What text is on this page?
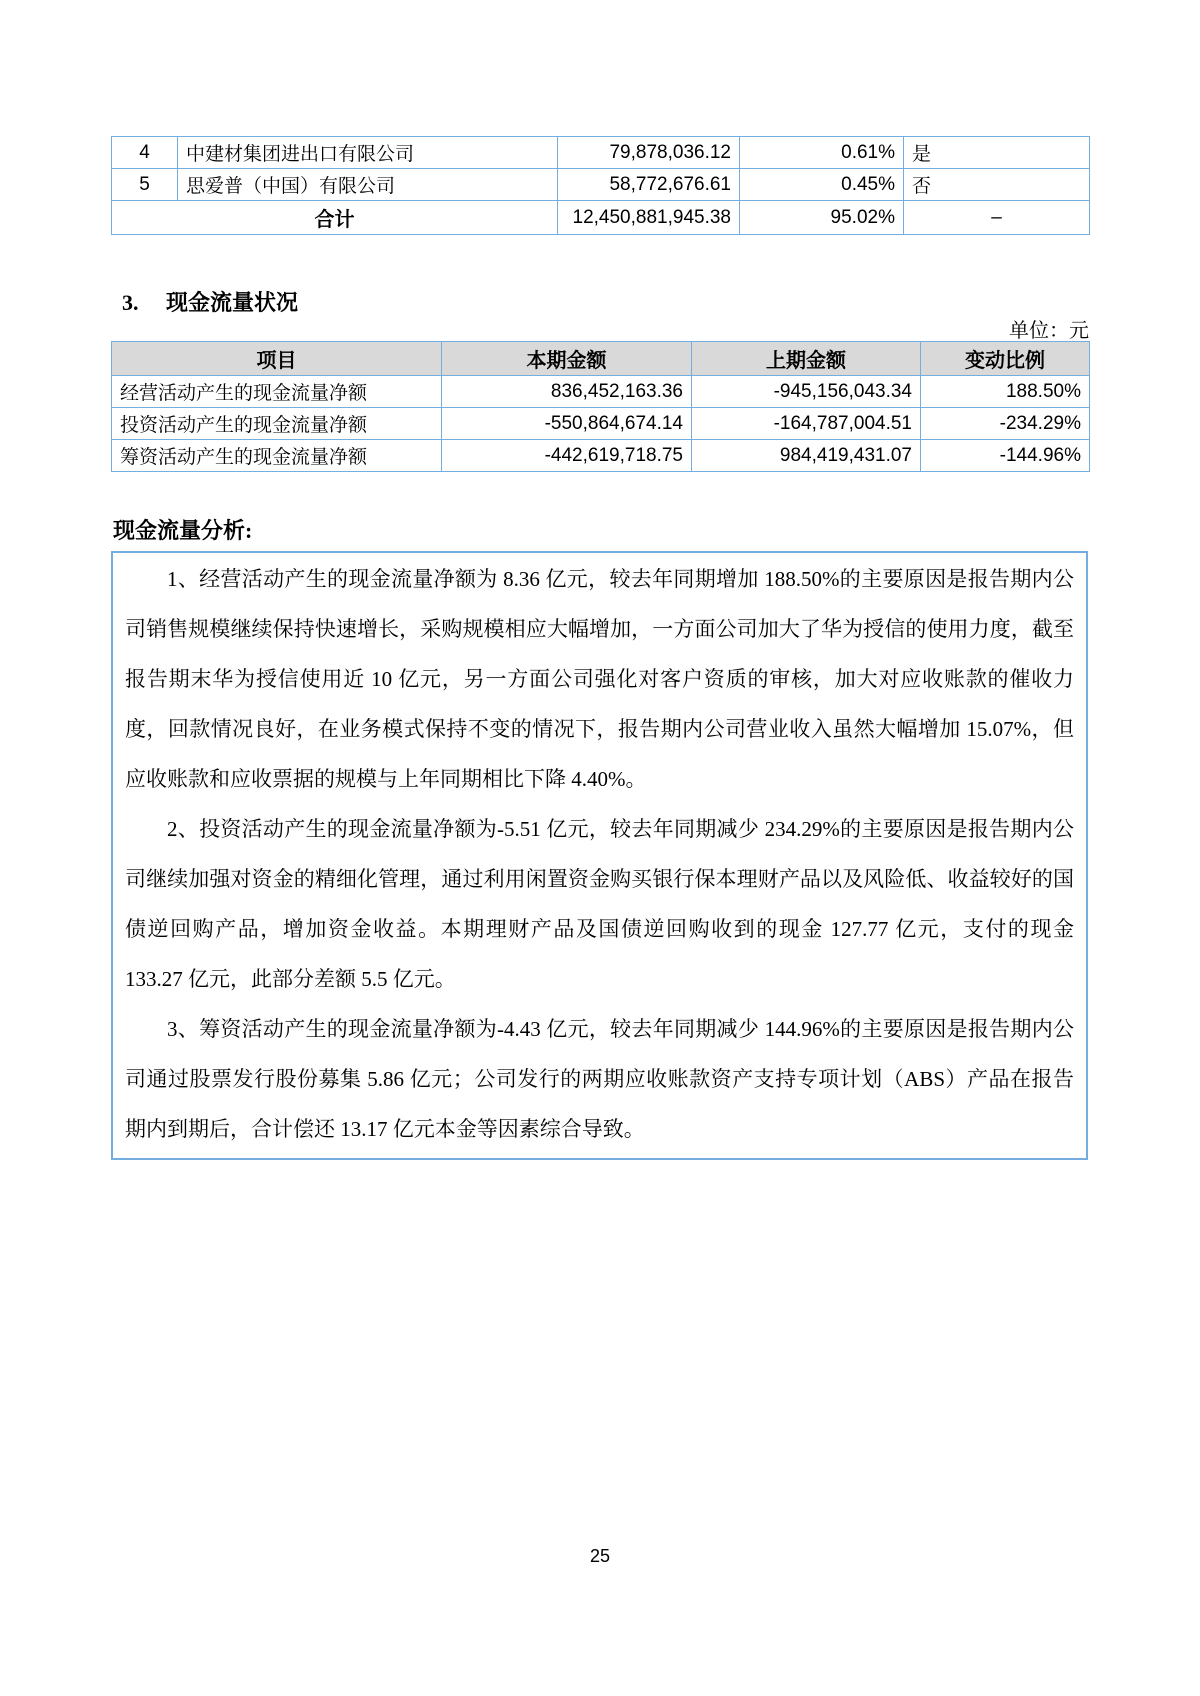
4	中建材集团进出口有限公司	79,878,036.12	0.61%	是
5	思爱普（中国）有限公司	58,772,676.61	0.45%	否
合计		12,450,881,945.38	95.02%	–
3. 现金流量状况
单位：元
项目	本期金额	上期金额	变动比例
经营活动产生的现金流量净额	836,452,163.36	-945,156,043.34	188.50%
投资活动产生的现金流量净额	-550,864,674.14	-164,787,004.51	-234.29%
筹资活动产生的现金流量净额	-442,619,718.75	984,419,431.07	-144.96%
现金流量分析:

1、经营活动产生的现金流量净额为 8.36 亿元，较去年同期增加 188.50%的主要原因是报告期内公司销售规模继续保持快速增长，采购规模相应大幅增加，一方面公司加大了华为授信的使用力度，截至报告期末华为授信使用近 10 亿元，另一方面公司强化对客户资质的审核，加大对应收账款的催收力度，回款情况良好，在业务模式保持不变的情况下，报告期内公司营业收入虽然大幅增加 15.07%，但应收账款和应收票据的规模与上年同期相比下降 4.40%。

2、投资活动产生的现金流量净额为-5.51 亿元，较去年同期减少 234.29%的主要原因是报告期内公司继续加强对资金的精细化管理，通过利用闲置资金购买银行保本理财产品以及风险低、收益较好的国债逆回购产品，增加资金收益。本期理财产品及国债逆回购收到的现金 127.77 亿元，支付的现金 133.27 亿元，此部分差额 5.5 亿元。

3、筹资活动产生的现金流量净额为-4.43 亿元，较去年同期减少 144.96%的主要原因是报告期内公司通过股票发行股份募集 5.86 亿元；公司发行的两期应收账款资产支持专项计划（ABS）产品在报告期内到期后，合计偿还 13.17 亿元本金等因素综合导致。

25
